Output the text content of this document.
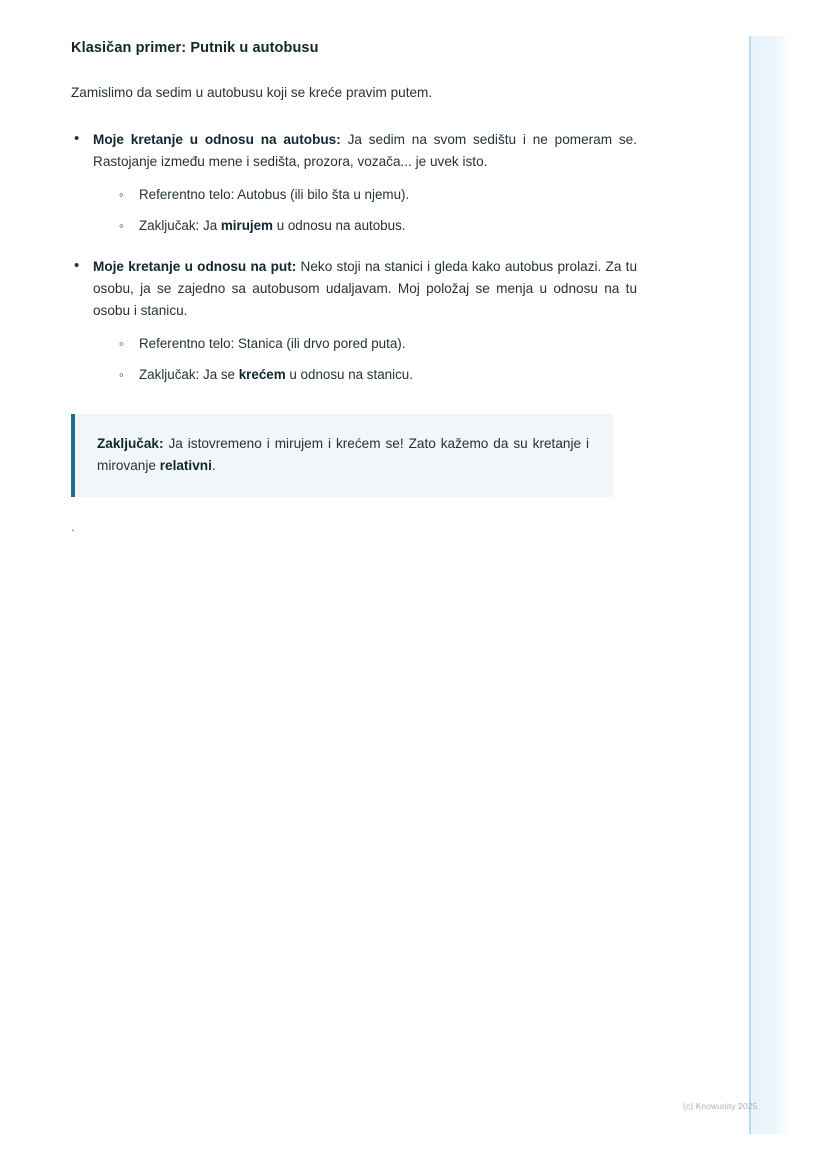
Klasičan primer: Putnik u autobusu

Zamislimo da sedim u autobusu koji se kreće pravim putem.

• Moje kretanje u odnosu na autobus: Ja sedim na svom sedištu i ne pomeram se. Rastojanje između mene i sedišta, prozora, vozača... je uvek isto.
◦ Referentno telo: Autobus (ili bilo šta u njemu).
◦ Zaključak: Ja mirujem u odnosu na autobus.
• Moje kretanje u odnosu na put: Neko stoji na stanici i gleda kako autobus prolazi. Za tu osobu, ja se zajedno sa autobusom udaljavam. Moj položaj se menja u odnosu na tu osobu i stanicu.
◦ Referentno telo: Stanica (ili drvo pored puta).
◦ Zaključak: Ja se krećem u odnosu na stanicu.

Zaključak: Ja istovremeno i mirujem i krećem se! Zato kažemo da su kretanje i mirovanje relativni.

`
(c) Knowunity 2025
